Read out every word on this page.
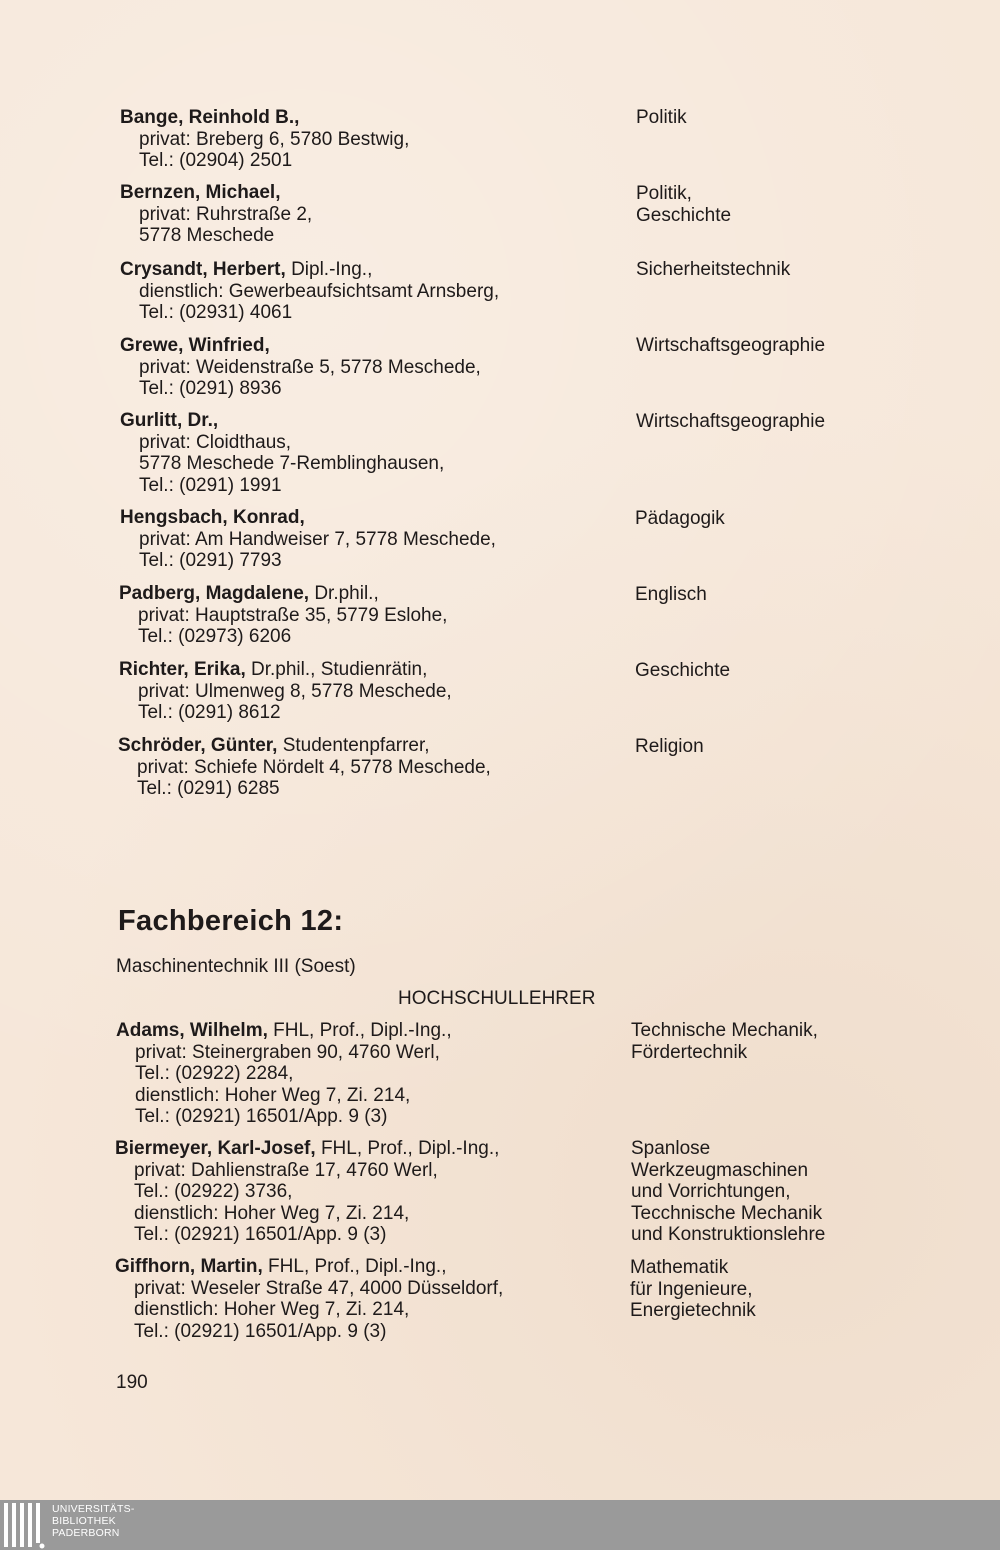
Bange, Reinhold B.,
privat: Breberg 6, 5780 Bestwig,
Tel.: (02904) 2501
Politik
Bernzen, Michael,
privat: Ruhrstraße 2,
5778 Meschede
Politik,
Geschichte
Crysandt, Herbert, Dipl.-Ing.,
dienstlich: Gewerbeaufsichtsamt Arnsberg,
Tel.: (02931) 4061
Sicherheitstechnik
Grewe, Winfried,
privat: Weidenstraße 5, 5778 Meschede,
Tel.: (0291) 8936
Wirtschaftsgeographie
Gurlitt, Dr.,
privat: Cloidthaus,
5778 Meschede 7-Remblinghausen,
Tel.: (0291) 1991
Wirtschaftsgeographie
Hengsbach, Konrad,
privat: Am Handweiser 7, 5778 Meschede,
Tel.: (0291) 7793
Pädagogik
Padberg, Magdalene, Dr.phil.,
privat: Hauptstraße 35, 5779 Eslohe,
Tel.: (02973) 6206
Englisch
Richter, Erika, Dr.phil., Studienrätin,
privat: Ulmenweg 8, 5778 Meschede,
Tel.: (0291) 8612
Geschichte
Schröder, Günter, Studentenpfarrer,
privat: Schiefe Nördelt 4, 5778 Meschede,
Tel.: (0291) 6285
Religion
Fachbereich 12:
Maschinentechnik III (Soest)
HOCHSCHULLEHRER
Adams, Wilhelm, FHL, Prof., Dipl.-Ing.,
privat: Steinergraben 90, 4760 Werl,
Tel.: (02922) 2284,
dienstlich: Hoher Weg 7, Zi. 214,
Tel.: (02921) 16501/App. 9 (3)
Technische Mechanik,
Fördertechnik
Biermeyer, Karl-Josef, FHL, Prof., Dipl.-Ing.,
privat: Dahlienstraße 17, 4760 Werl,
Tel.: (02922) 3736,
dienstlich: Hoher Weg 7, Zi. 214,
Tel.: (02921) 16501/App. 9 (3)
Spanlose
Werkzeugmaschinen
und Vorrichtungen,
Tecchnische Mechanik
und Konstruktionslehre
Giffhorn, Martin, FHL, Prof., Dipl.-Ing.,
privat: Weseler Straße 47, 4000 Düsseldorf,
dienstlich: Hoher Weg 7, Zi. 214,
Tel.: (02921) 16501/App. 9 (3)
Mathematik
für Ingenieure,
Energietechnik
190
UNIVERSITÄTS-
BIBLIOTHEK
PADERBORN
